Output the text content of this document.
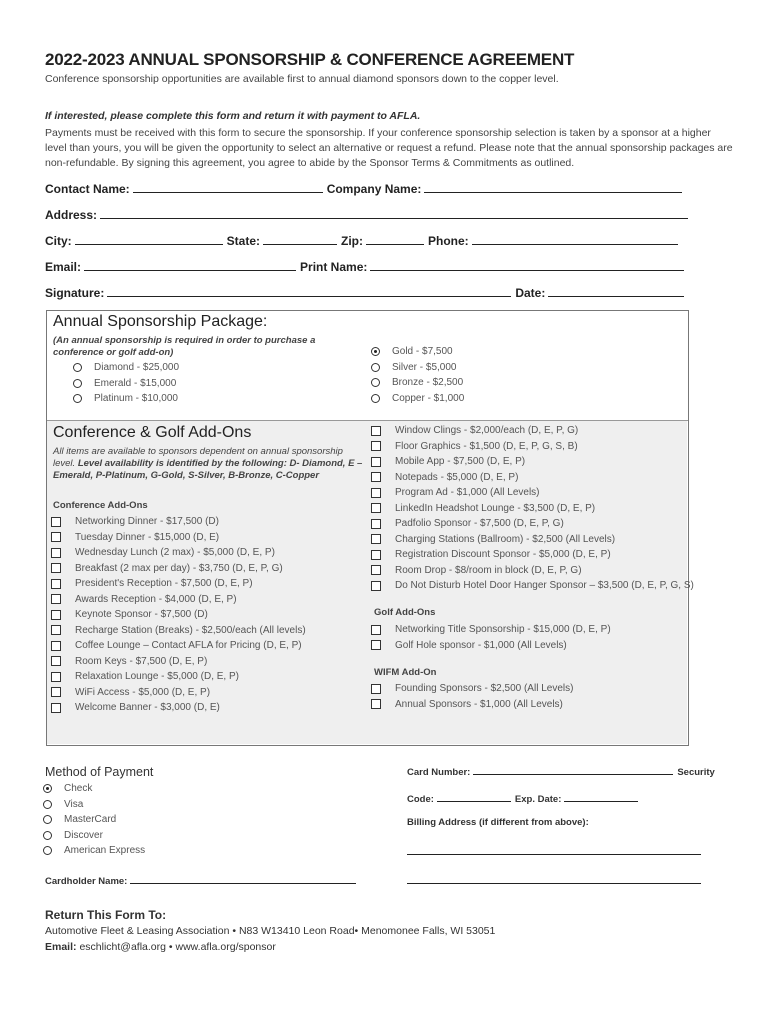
2022-2023 ANNUAL SPONSORSHIP & CONFERENCE AGREEMENT
Conference sponsorship opportunities are available first to annual diamond sponsors down to the copper level.
If interested, please complete this form and return it with payment to AFLA.
Payments must be received with this form to secure the sponsorship. If your conference sponsorship selection is taken by a sponsor at a higher level than yours, you will be given the opportunity to select an alternative or request a refund. Please note that the annual sponsorship packages are non-refundable. By signing this agreement, you agree to abide by the Sponsor Terms & Commitments as outlined.
Contact Name:	Company Name:
Address:
City:	State:	Zip:	Phone:
Email:	Print Name:
Signature:	Date:
Annual Sponsorship Package:
(An annual sponsorship is required in order to purchase a conference or golf add-on)
Diamond - $25,000
Emerald - $15,000
Platinum - $10,000
Gold - $7,500
Silver - $5,000
Bronze - $2,500
Copper - $1,000
Conference & Golf Add-Ons
All items are available to sponsors dependent on annual sponsorship level. Level availability is identified by the following: D- Diamond, E – Emerald, P-Platinum, G-Gold, S-Silver, B-Bronze, C-Copper
Conference Add-Ons
Networking Dinner - $17,500 (D)
Tuesday Dinner - $15,000 (D, E)
Wednesday Lunch (2 max) - $5,000 (D, E, P)
Breakfast (2 max per day) - $3,750 (D, E, P, G)
President's Reception - $7,500 (D, E, P)
Awards Reception - $4,000 (D, E, P)
Keynote Sponsor - $7,500 (D)
Recharge Station (Breaks) - $2,500/each (All levels)
Coffee Lounge – Contact AFLA for Pricing (D, E, P)
Room Keys - $7,500 (D, E, P)
Relaxation Lounge - $5,000 (D, E, P)
WiFi Access - $5,000 (D, E, P)
Welcome Banner - $3,000 (D, E)
Window Clings - $2,000/each (D, E, P, G)
Floor Graphics - $1,500 (D, E, P, G, S, B)
Mobile App - $7,500 (D, E, P)
Notepads - $5,000 (D, E, P)
Program Ad - $1,000 (All Levels)
LinkedIn Headshot Lounge - $3,500 (D, E, P)
Padfolio Sponsor - $7,500 (D, E, P, G)
Charging Stations (Ballroom) - $2,500 (All Levels)
Registration Discount Sponsor - $5,000 (D, E, P)
Room Drop - $8/room in block (D, E, P, G)
Do Not Disturb Hotel Door Hanger Sponsor – $3,500 (D, E, P, G, S)
Golf Add-Ons
Networking Title Sponsorship - $15,000 (D, E, P)
Golf Hole sponsor - $1,000 (All Levels)
WIFM Add-On
Founding Sponsors - $2,500 (All Levels)
Annual Sponsors - $1,000 (All Levels)
Method of Payment
Check
Visa
MasterCard
Discover
American Express
Cardholder Name:
Card Number:	Security
Code:	Exp. Date:
Billing Address (if different from above):
Return This Form To:
Automotive Fleet & Leasing Association • N83 W13410 Leon Road• Menomonee Falls, WI 53051
Email: eschlicht@afla.org • www.afla.org/sponsor
